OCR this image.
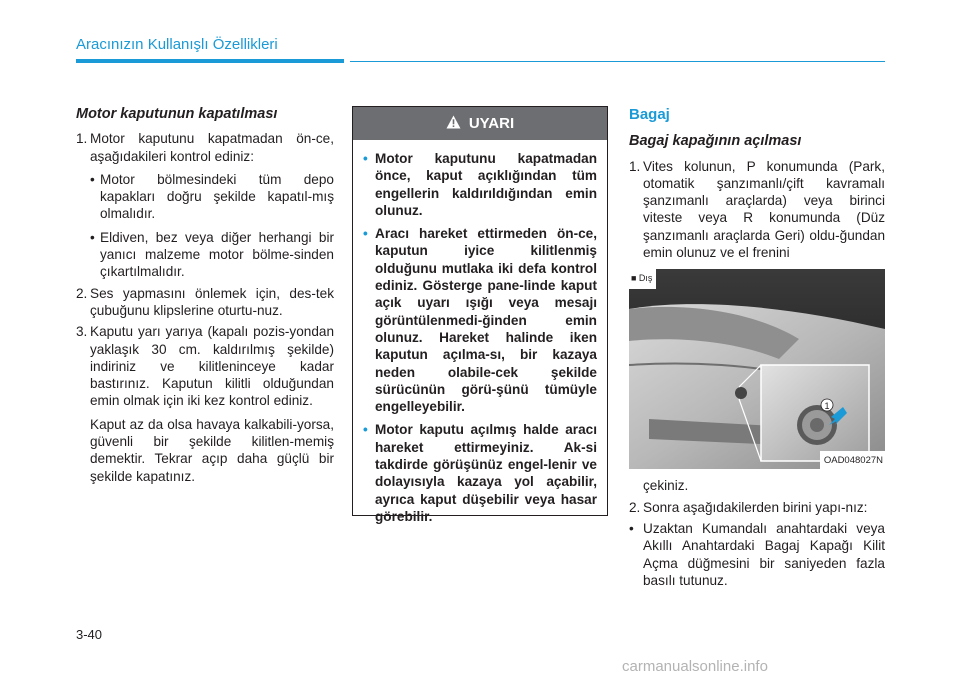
Aracınızın Kullanışlı Özellikleri
Motor kaputunun kapatılması
1. Motor kaputunu kapatmadan ön-ce, aşağıdakileri kontrol ediniz:
• Motor bölmesindeki tüm depo kapakları doğru şekilde kapatıl-mış olmalıdır.
• Eldiven, bez veya diğer herhangi bir yanıcı malzeme motor bölme-sinden çıkartılmalıdır.
2. Ses yapmasını önlemek için, des-tek çubuğunu klipslerine oturtu-nuz.
3. Kaputu yarı yarıya (kapalı pozis-yondan yaklaşık 30 cm. kaldırılmış şekilde) indiriniz ve kilitleninceye kadar bastırınız. Kaputun kilitli olduğundan emin olmak için iki kez kontrol ediniz.

Kaput az da olsa havaya kalkabili-yorsa, güvenli bir şekilde kilitlen-memiş demektir. Tekrar açıp daha güçlü bir şekilde kapatınız.

UYARI
• Motor kaputunu kapatmadan önce, kaput açıklığından tüm engellerin kaldırıldığından emin olunuz.
• Aracı hareket ettirmeden ön-ce, kaputun iyice kilitlenmiş olduğunu mutlaka iki defa kontrol ediniz. Gösterge pane-linde kaput açık uyarı ışığı veya mesajı görüntülenmedi-ğinden emin olunuz. Hareket halinde iken kaputun açılma-sı, bir kazaya neden olabile-cek şekilde sürücünün görü-şünü tümüyle engelleyebilir.
• Motor kaputu açılmış halde aracı hareket ettirmeyiniz. Ak-si takdirde görüşünüz engel-lenir ve dolayısıyla kazaya yol açabilir, ayrıca kaput düşebilir veya hasar görebilir.
Bagaj
Bagaj kapağının açılması
1. Vites kolunun, P konumunda (Park, otomatik şanzımanlı/çift kavramalı şanzımanlı araçlarda) veya birinci viteste veya R konumunda (Düz şanzımanlı araçlarda Geri) oldu-ğundan emin olunuz ve el frenini
1
■ Dış
OAD048027N

çekiniz.

2. Sonra aşağıdakilerden birini yapı-nız:
• Uzaktan Kumandalı anahtardaki veya Akıllı Anahtardaki Bagaj Kapağı Kilit Açma düğmesini bir saniyeden fazla basılı tutunuz.
3-40
carmanualsonline.info
